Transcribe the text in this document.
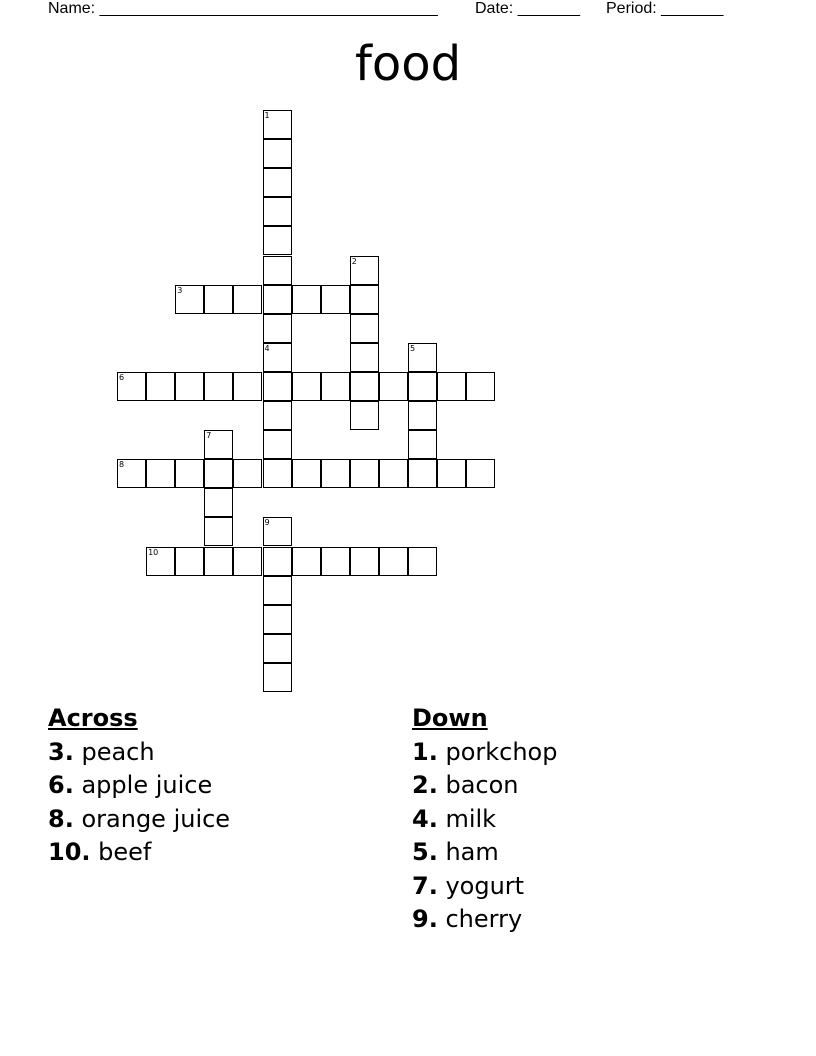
Name: ______________________________________ Date: _______ Period: _______
food
1
2
3
4	5
6
7
8
9
10
Across
3. peach
6. apple juice
8. orange juice
10. beef
Down
1. porkchop
2. bacon
4. milk
5. ham
7. yogurt
9. cherry
